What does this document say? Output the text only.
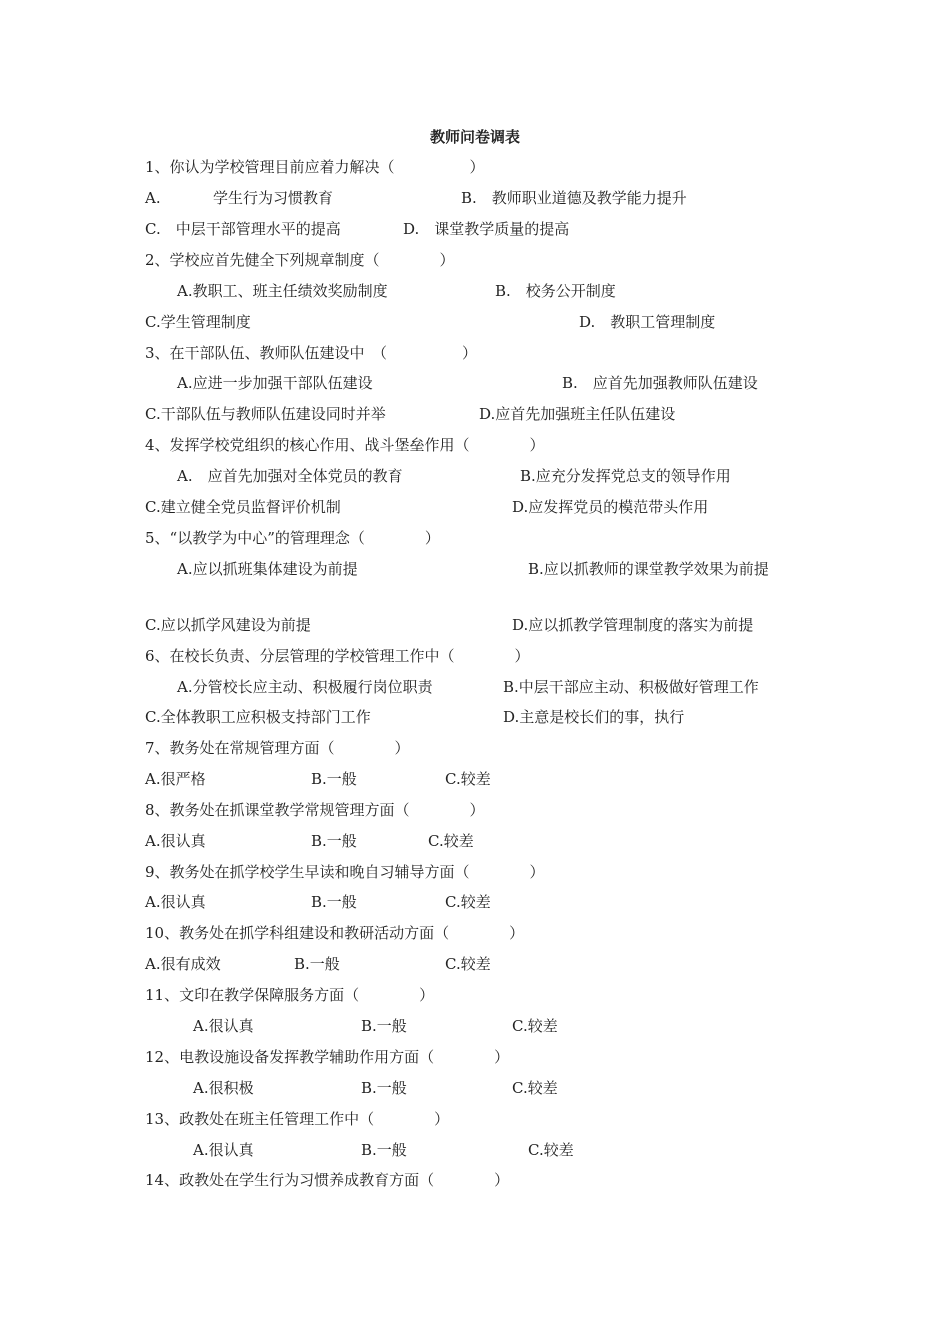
教师问卷调表
1、你认为学校管理目前应着力解决（　　　　　）
A.	学生行为习惯教育	B.　教师职业道德及教学能力提升
C.　中层干部管理水平的提高	D.　课堂教学质量的提高
2、学校应首先健全下列规章制度（　　　　）
A.教职工、班主任绩效奖励制度	B.　校务公开制度
C.学生管理制度	D.　教职工管理制度
3、在干部队伍、教师队伍建设中　（　　　　　）
A.应进一步加强干部队伍建设	B.　应首先加强教师队伍建设
C.干部队伍与教师队伍建设同时并举	D.应首先加强班主任队伍建设
4、发挥学校党组织的核心作用、战斗堡垒作用（　　　　）
A.　应首先加强对全体党员的教育	B.应充分发挥党总支的领导作用
C.建立健全党员监督评价机制	D.应发挥党员的模范带头作用
5、“以教学为中心”的管理理念（　　　　）
A.应以抓班集体建设为前提	B.应以抓教师的课堂教学效果为前提
C.应以抓学风建设为前提	D.应以抓教学管理制度的落实为前提
6、在校长负责、分层管理的学校管理工作中（　　　　）
A.分管校长应主动、积极履行岗位职责	B.中层干部应主动、积极做好管理工作
C.全体教职工应积极支持部门工作	D.主意是校长们的事，执行
7、教务处在常规管理方面（　　　　）
A.很严格	B.一般	C.较差
8、教务处在抓课堂教学常规管理方面（　　　　）
A.很认真	B.一般	C.较差
9、教务处在抓学校学生早读和晚自习辅导方面（　　　　）
A.很认真	B.一般	C.较差
10、教务处在抓学科组建设和教研活动方面（　　　　）
A.很有成效	B.一般	C.较差
11、文印在教学保障服务方面（　　　　）
A.很认真	B.一般	C.较差
12、电教设施设备发挥教学辅助作用方面（　　　　）
A.很积极	B.一般	C.较差
13、政教处在班主任管理工作中（　　　　）
A.很认真	B.一般	C.较差
14、政教处在学生行为习惯养成教育方面（　　　　）
